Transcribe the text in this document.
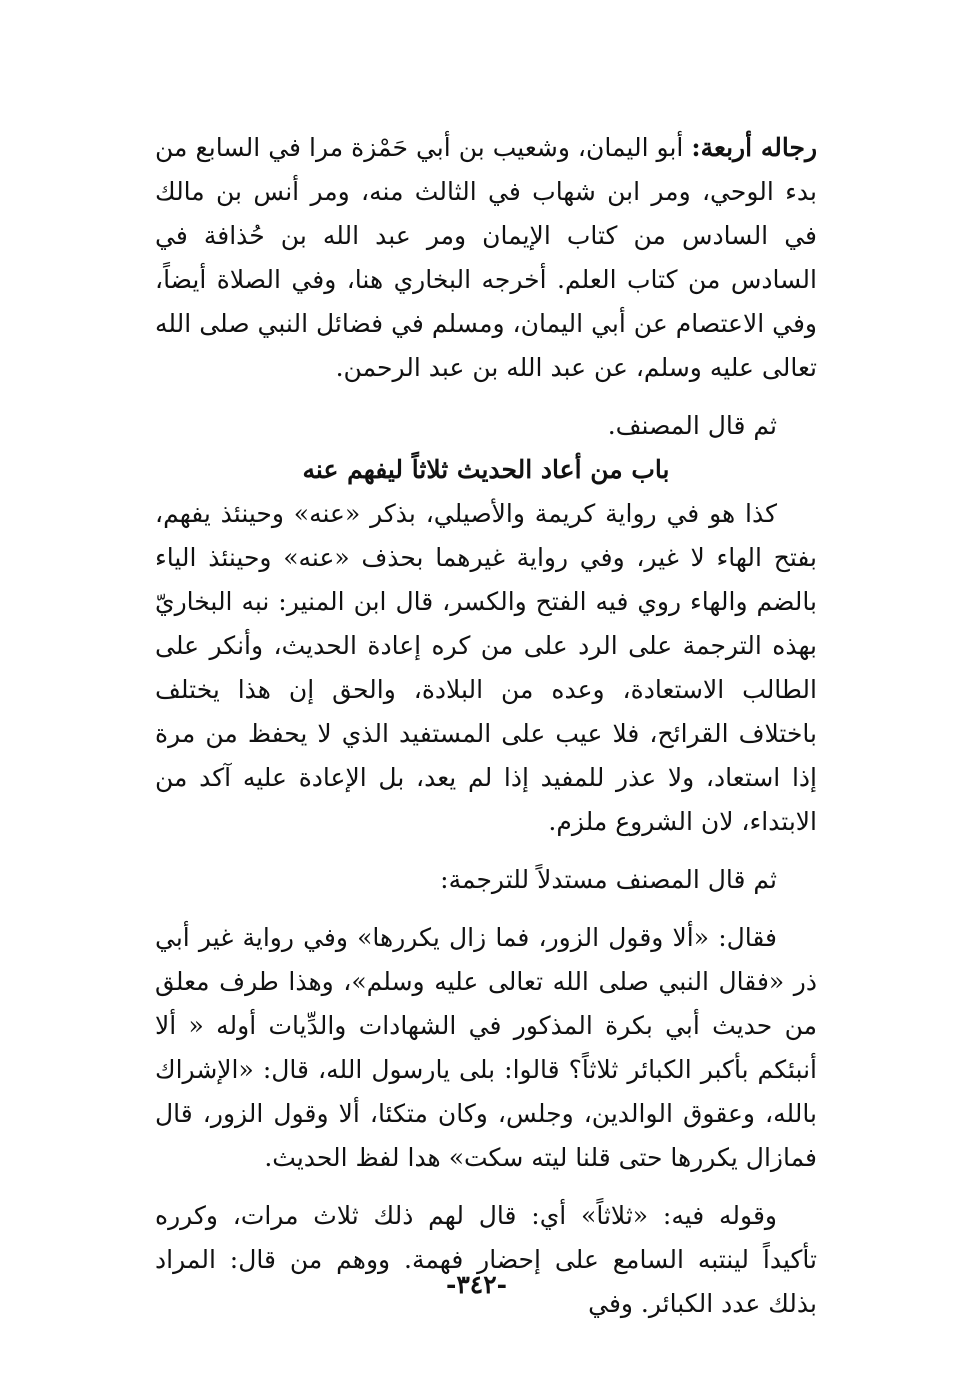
رجاله أربعة: أبو اليمان، وشعيب بن أبي حَمْزة مرا في السابع من بدء الوحي، ومر ابن شهاب في الثالث منه، ومر أنس بن مالك في السادس من كتاب الإيمان ومر عبد الله بن حُذافة في السادس من كتاب العلم. أخرجه البخاري هنا، وفي الصلاة أيضاً، وفي الاعتصام عن أبي اليمان، ومسلم في فضائل النبي صلى الله تعالى عليه وسلم، عن عبد الله بن عبد الرحمن.

ثم قال المصنف.

باب من أعاد الحديث ثلاثاً ليفهم عنه

كذا هو في رواية كريمة والأصيلي، بذكر «عنه» وحينئذ يفهم، بفتح الهاء لا غير، وفي رواية غيرهما بحذف «عنه» وحينئذ الياء بالضم والهاء روي فيه الفتح والكسر، قال ابن المنير: نبه البخاريّ بهذه الترجمة على الرد على من كره إعادة الحديث، وأنكر على الطالب الاستعادة، وعده من البلادة، والحق إن هذا يختلف باختلاف القرائح، فلا عيب على المستفيد الذي لا يحفظ من مرة إذا استعاد، ولا عذر للمفيد إذا لم يعد، بل الإعادة عليه آكد من الابتداء، لان الشروع ملزم.

ثم قال المصنف مستدلاً للترجمة:

فقال: «ألا وقول الزور، فما زال يكررها» وفي رواية غير أبي ذر «فقال النبي صلى الله تعالى عليه وسلم»، وهذا طرف معلق من حديث أبي بكرة المذكور في الشهادات والدِّيات أوله « ألا أنبئكم بأكبر الكبائر ثلاثاً؟ قالوا: بلى يارسول الله، قال: «الإشراك بالله، وعقوق الوالدين، وجلس، وكان متكئا، ألا وقول الزور، قال فمازال يكررها حتى قلنا ليته سكت» هدا لفظ الحديث.

وقوله فيه: «ثلاثاً» أي: قال لهم ذلك ثلاث مرات، وكرره تأكيداً لينتبه السامع على إحضار فهمة. ووهم من قال: المراد بذلك عدد الكبائر. وفي

-٣٤٢-
